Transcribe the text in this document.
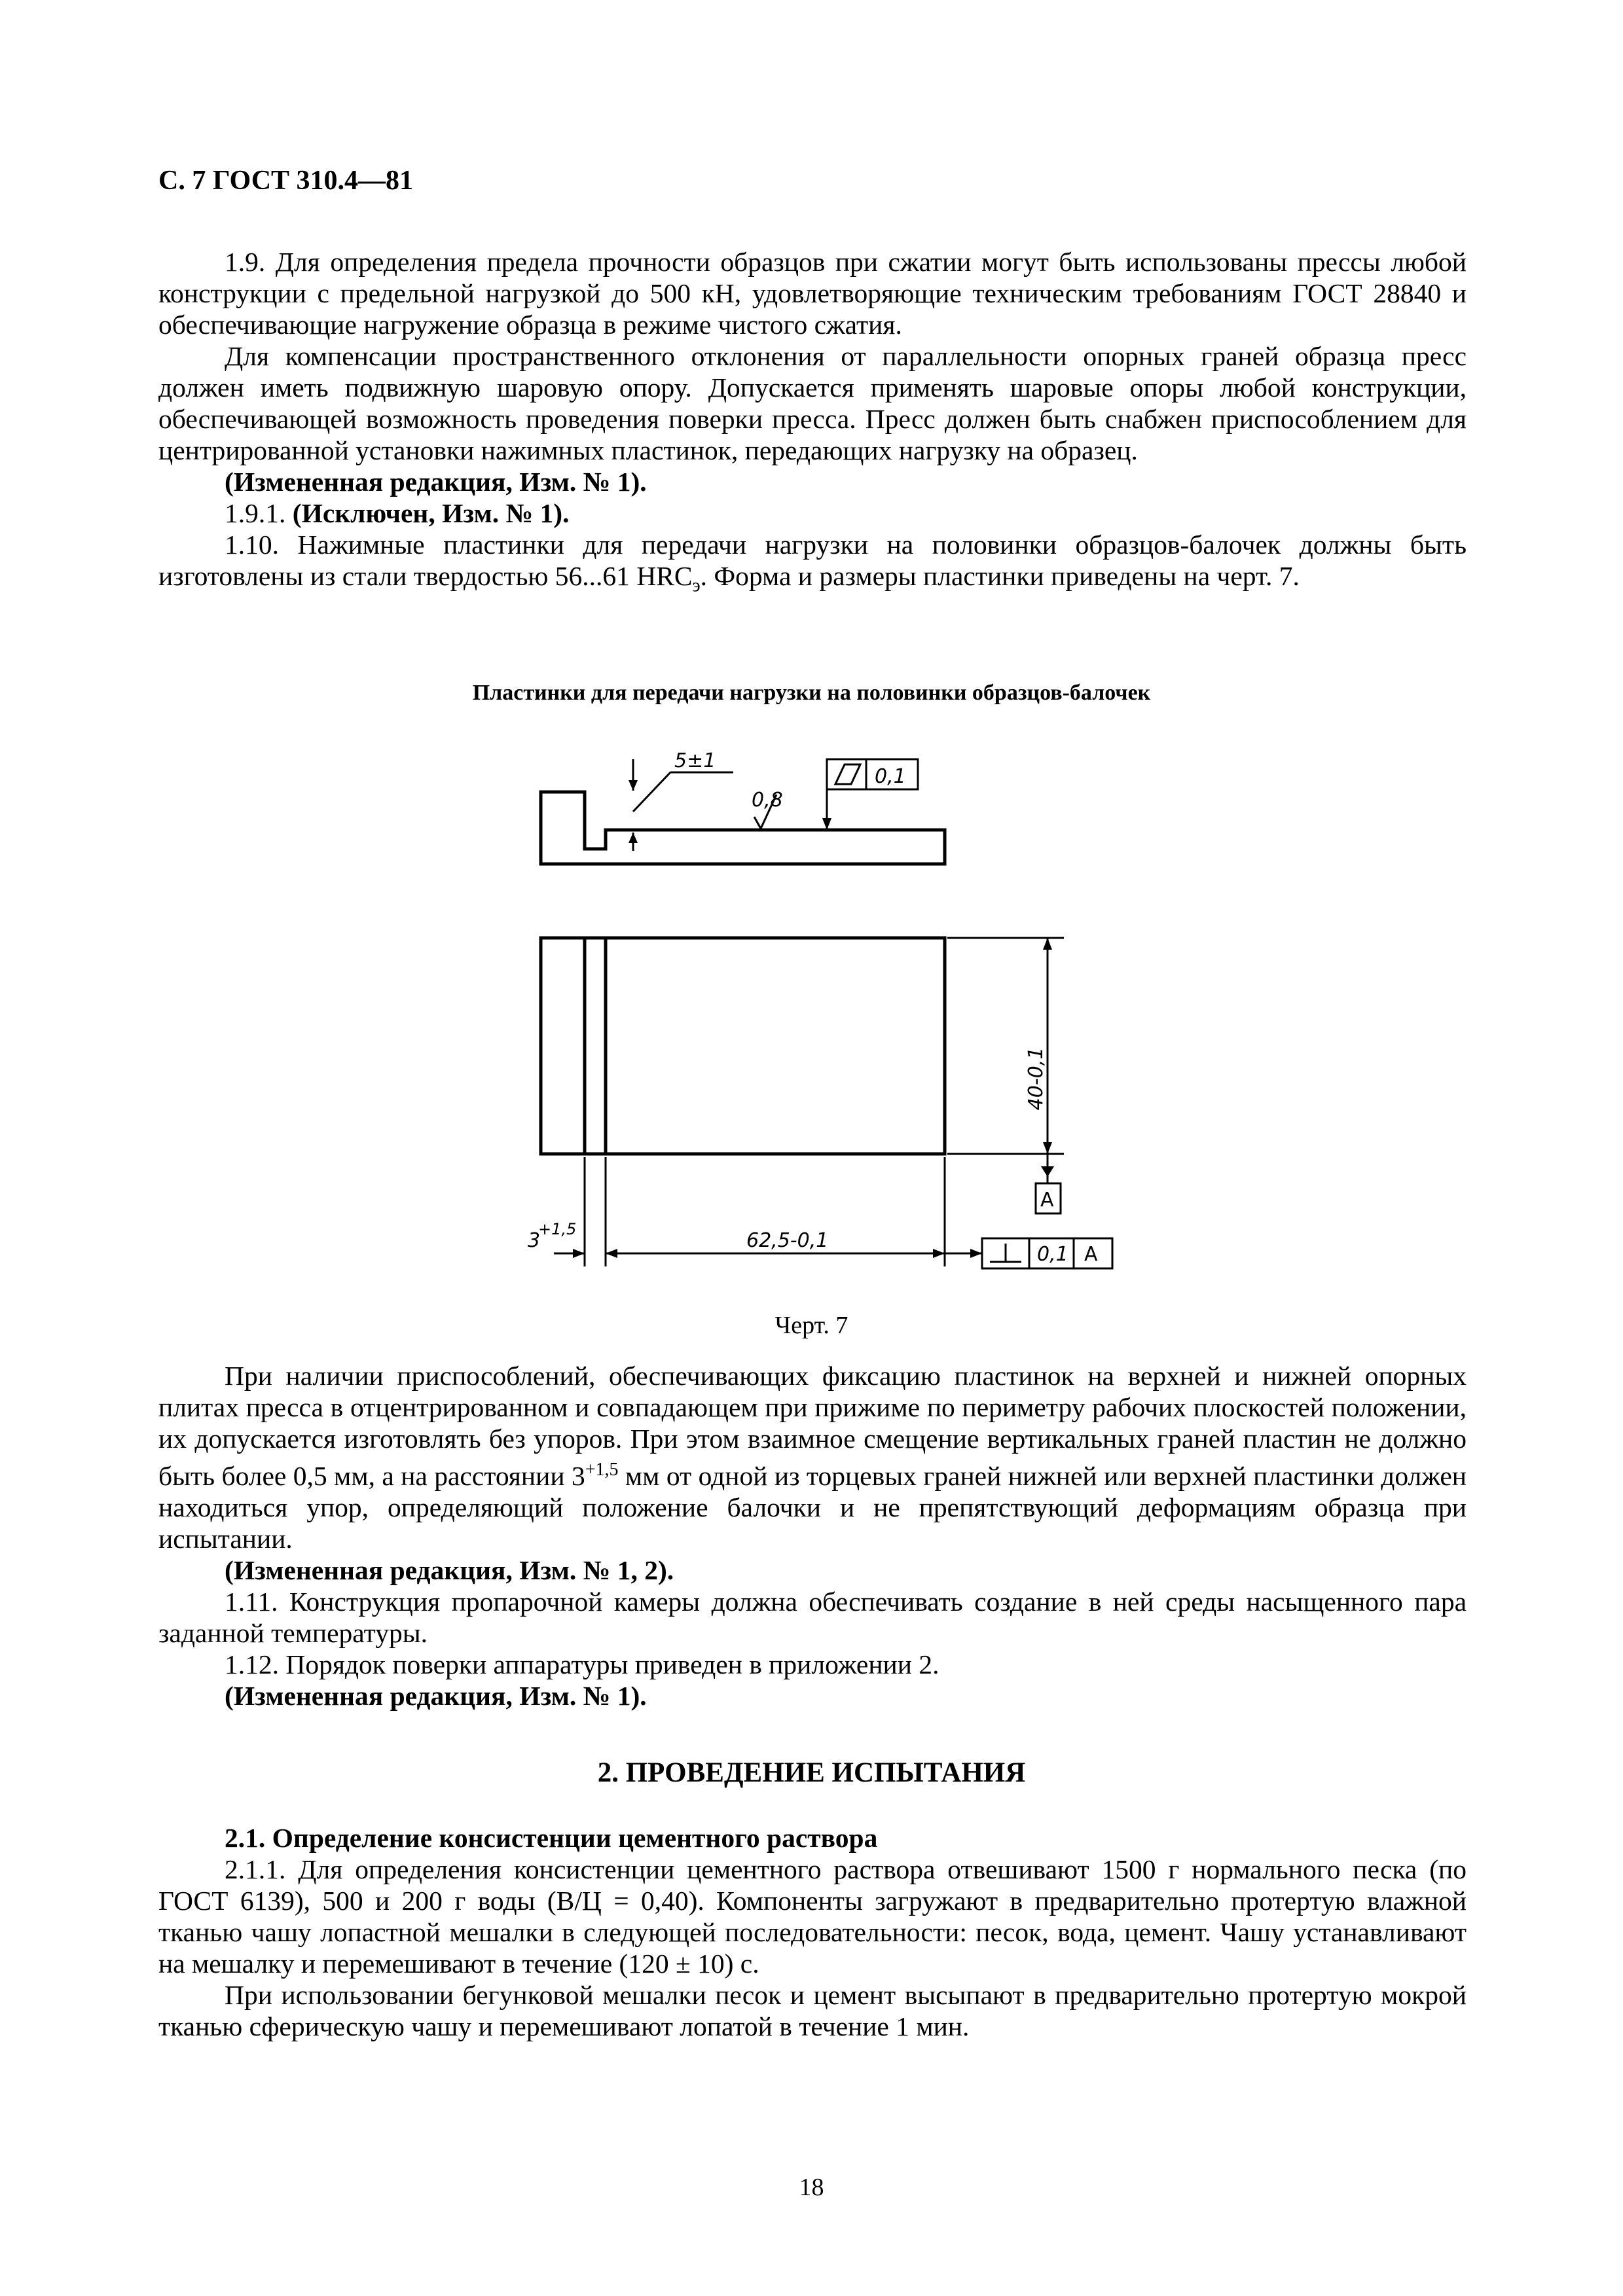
С. 7 ГОСТ 310.4—81

1.9. Для определения предела прочности образцов при сжатии могут быть использованы прессы любой конструкции с предельной нагрузкой до 500 кН, удовлетворяющие техническим требованиям ГОСТ 28840 и обеспечивающие нагружение образца в режиме чистого сжатия.

Для компенсации пространственного отклонения от параллельности опорных граней образца пресс должен иметь подвижную шаровую опору. Допускается применять шаровые опоры любой конструкции, обеспечивающей возможность проведения поверки пресса. Пресс должен быть снабжен приспособлением для центрированной установки нажимных пластинок, передающих нагрузку на образец.

(Измененная редакция, Изм. № 1).

1.9.1. (Исключен, Изм. № 1).

1.10. Нажимные пластинки для передачи нагрузки на половинки образцов-балочек должны быть изготовлены из стали твердостью 56...61 $HRC_э$. Форма и размеры пластинки приведены на черт. 7.

Пластинки для передачи нагрузки на половинки образцов-балочек
5±1
0,8
0,1
40-0,1
A
3
+1,5	62,5-0,1
0,1 A
Черт. 7

При наличии приспособлений, обеспечивающих фиксацию пластинок на верхней и нижней опорных плитах пресса в отцентрированном и совпадающем при прижиме по периметру рабочих плоскостей положении, их допускается изготовлять без упоров. При этом взаимное смещение вертикальных граней пластин не должно быть более 0,5 мм, а на расстоянии $3^{+1,5}$ мм от одной из торцевых граней нижней или верхней пластинки должен находиться упор, определяющий положение балочки и не препятствующий деформациям образца при испытании.

(Измененная редакция, Изм. № 1, 2).

1.11. Конструкция пропарочной камеры должна обеспечивать создание в ней среды насыщенного пара заданной температуры.

1.12. Порядок поверки аппаратуры приведен в приложении 2.

(Измененная редакция, Изм. № 1).

2. ПРОВЕДЕНИЕ ИСПЫТАНИЯ

2.1. Определение консистенции цементного раствора

2.1.1. Для определения консистенции цементного раствора отвешивают 1500 г нормального песка (по ГОСТ 6139), 500 и 200 г воды (В/Ц = 0,40). Компоненты загружают в предварительно протертую влажной тканью чашу лопастной мешалки в следующей последовательности: песок, вода, цемент. Чашу устанавливают на мешалку и перемешивают в течение (120 ± 10) с.

При использовании бегунковой мешалки песок и цемент высыпают в предварительно протертую мокрой тканью сферическую чашу и перемешивают лопатой в течение 1 мин.

18
